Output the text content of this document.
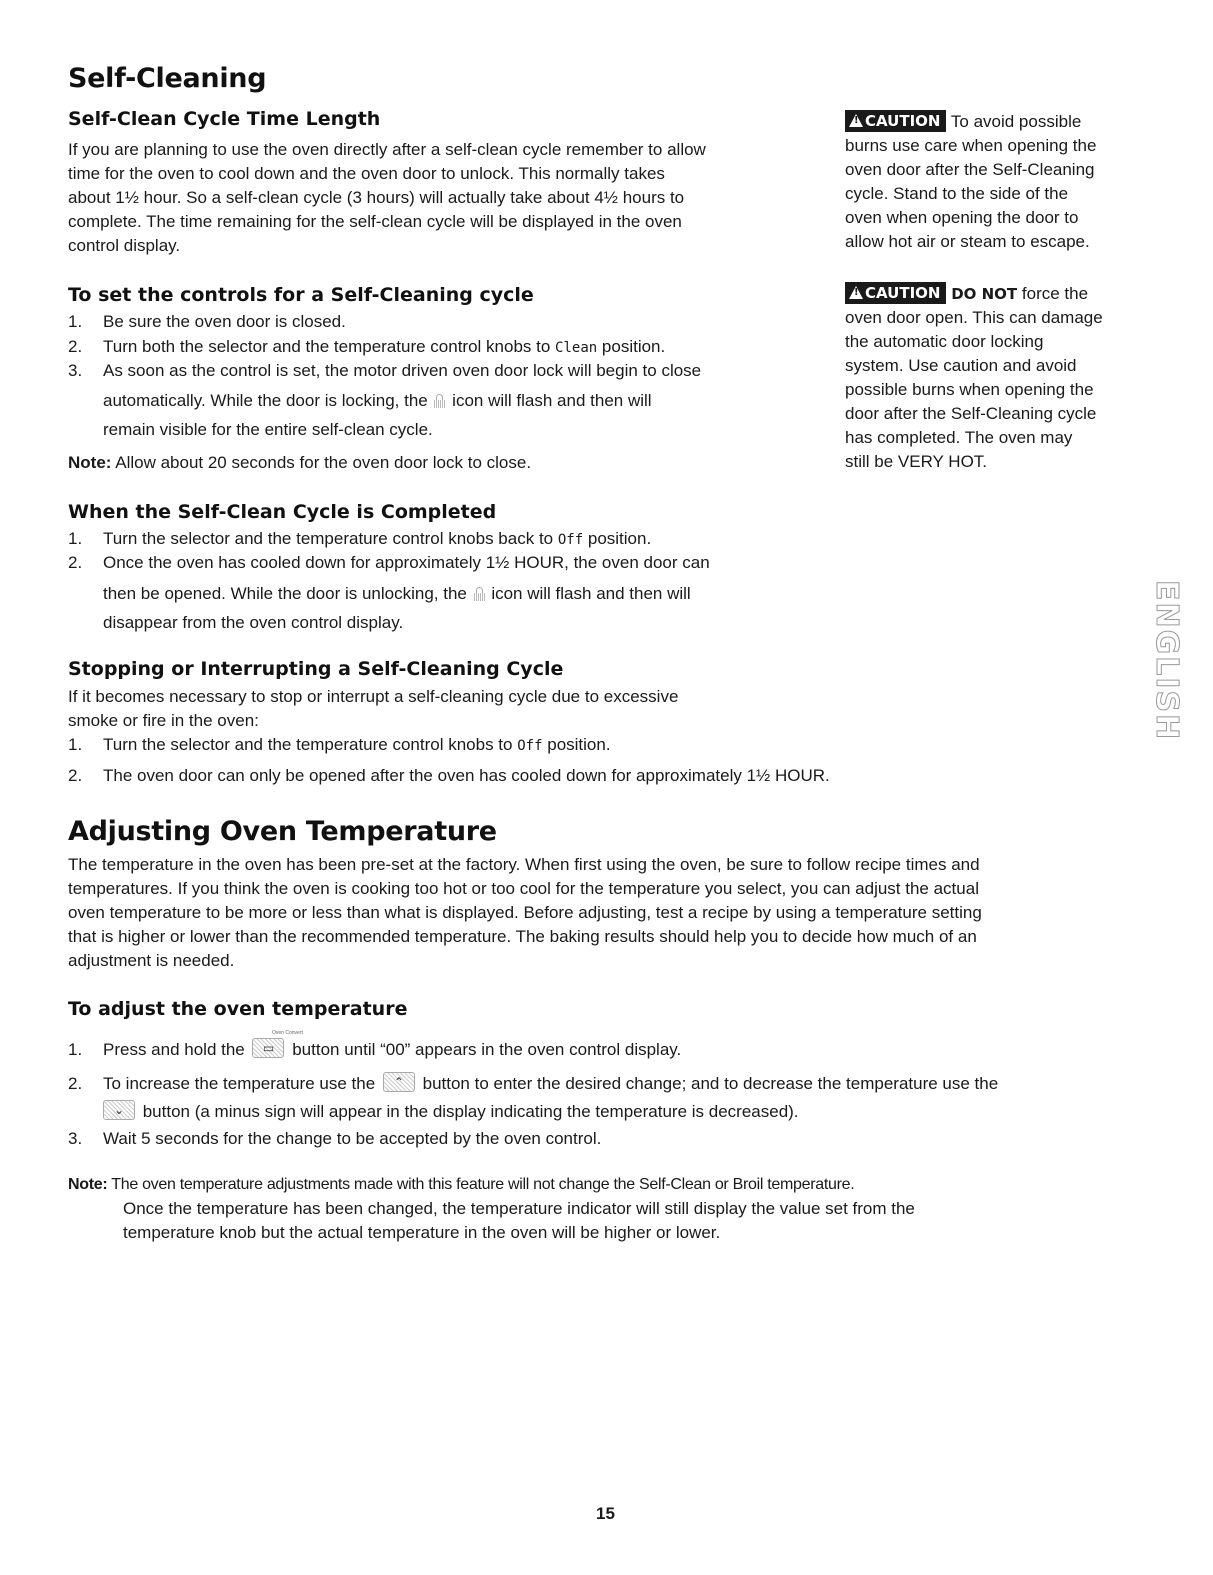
Self-Cleaning
Self-Clean Cycle Time Length
If you are planning to use the oven directly after a self-clean cycle remember to allow
time for the oven to cool down and the oven door to unlock. This normally takes
about 1½ hour. So a self-clean cycle (3 hours) will actually take about 4½ hours to
complete. The time remaining for the self-clean cycle will be displayed in the oven
control display.
To set the controls for a Self-Cleaning cycle
1. Be sure the oven door is closed.
2. Turn both the selector and the temperature control knobs to Clean position.
3. As soon as the control is set, the motor driven oven door lock will begin to close
automatically. While the door is locking, the
icon will flash and then will
remain visible for the entire self-clean cycle.
Note: Allow about 20 seconds for the oven door lock to close.
When the Self-Clean Cycle is Completed
1. Turn the selector and the temperature control knobs back to Off position.
2. Once the oven has cooled down for approximately 1½ HOUR, the oven door can
then be opened. While the door is unlocking, the
icon will flash and then will
disappear from the oven control display.
Stopping or Interrupting a Self-Cleaning Cycle
If it becomes necessary to stop or interrupt a self-cleaning cycle due to excessive
smoke or fire in the oven:
1. Turn the selector and the temperature control knobs to Off position.
2. The oven door can only be opened after the oven has cooled down for approximately 1½ HOUR.
!CAUTION To avoid possible
burns use care when opening the
oven door after the Self-Cleaning
cycle. Stand to the side of the
oven when opening the door to
allow hot air or steam to escape.
!CAUTION DO NOT force the
oven door open. This can damage
the automatic door locking
system. Use caution and avoid
possible burns when opening the
door after the Self-Cleaning cycle
has completed. The oven may
still be VERY HOT.
ENGLISH
Adjusting Oven Temperature
The temperature in the oven has been pre-set at the factory. When first using the oven, be sure to follow recipe times and
temperatures. If you think the oven is cooking too hot or too cool for the temperature you select, you can adjust the actual
oven temperature to be more or less than what is displayed. Before adjusting, test a recipe by using a temperature setting
that is higher or lower than the recommended temperature. The baking results should help you to decide how much of an
adjustment is needed.
To adjust the oven temperature
Oven Convert
1. Press and hold the	▭ button until “00” appears in the oven control display.
2. To increase the temperature use the	⌃ button to enter the desired change; and to decrease the temperature use the
⌄ button (a minus sign will appear in the display indicating the temperature is decreased).
3. Wait 5 seconds for the change to be accepted by the oven control.
Note: The oven temperature adjustments made with this feature will not change the Self-Clean or Broil temperature.
Once the temperature has been changed, the temperature indicator will still display the value set from the
temperature knob but the actual temperature in the oven will be higher or lower.
15
